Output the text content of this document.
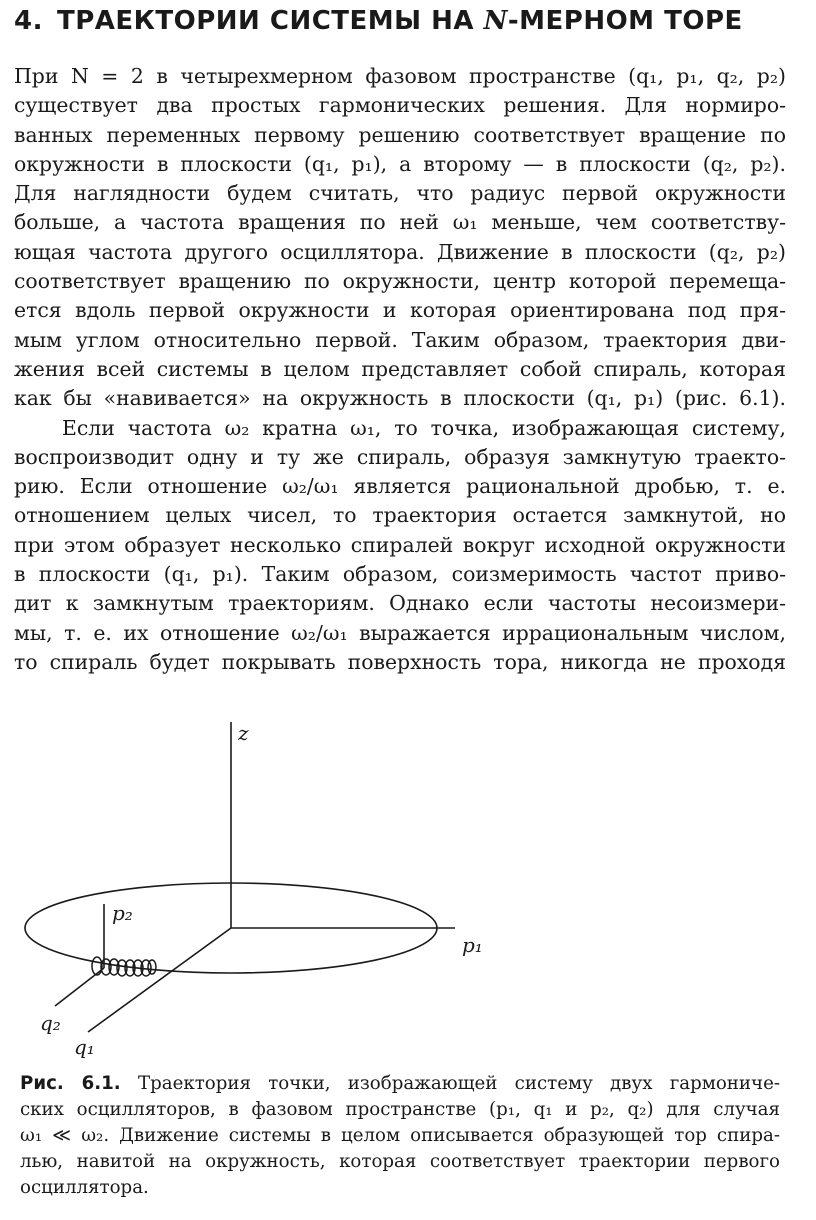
4. ТРАЕКТОРИИ СИСТЕМЫ НА N-МЕРНОМ ТОРЕ
При N = 2 в четырехмерном фазовом пространстве (q₁, p₁, q₂, p₂)
существует два простых гармонических решения. Для нормиро-
ванных переменных первому решению соответствует вращение по
окружности в плоскости (q₁, p₁), а второму — в плоскости (q₂, p₂).
Для наглядности будем считать, что радиус первой окружности
больше, а частота вращения по ней ω₁ меньше, чем соответству-
ющая частота другого осциллятора. Движение в плоскости (q₂, p₂)
соответствует вращению по окружности, центр которой перемеща-
ется вдоль первой окружности и которая ориентирована под пря-
мым углом относительно первой. Таким образом, траектория дви-
жения всей системы в целом представляет собой спираль, которая
как бы «навивается» на окружность в плоскости (q₁, p₁) (рис. 6.1).
Если частота ω₂ кратна ω₁, то точка, изображающая систему,
воспроизводит одну и ту же спираль, образуя замкнутую траекто-
рию. Если отношение ω₂/ω₁ является рациональной дробью, т. е.
отношением целых чисел, то траектория остается замкнутой, но
при этом образует несколько спиралей вокруг исходной окружности
в плоскости (q₁, p₁). Таким образом, соизмеримость частот приво-
дит к замкнутым траекториям. Однако если частоты несоизмери-
мы, т. е. их отношение ω₂/ω₁ выражается иррациональным числом,
то спираль будет покрывать поверхность тора, никогда не проходя
z
p₁
p₂
q₂
q₁
Рис. 6.1. Траектория точки, изображающей систему двух гармониче-
ских осцилляторов, в фазовом пространстве (p₁, q₁ и p₂, q₂) для случая
ω₁ ≪ ω₂. Движение системы в целом описывается образующей тор спира-
лью, навитой на окружность, которая соответствует траектории первого
осциллятора.
